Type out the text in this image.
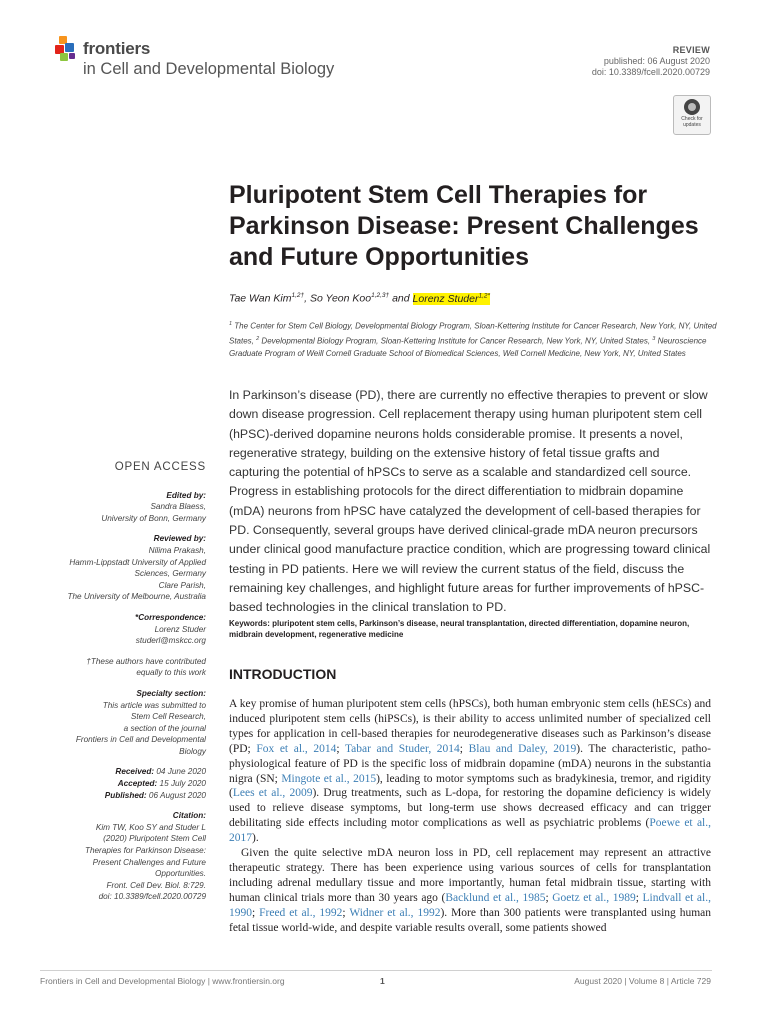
frontiers
in Cell and Developmental Biology
REVIEW
published: 06 August 2020
doi: 10.3389/fcell.2020.00729
Check for
updates
Pluripotent Stem Cell Therapies for Parkinson Disease: Present Challenges and Future Opportunities
Tae Wan Kim$^{1,2\dagger}$, So Yeon Koo$^{1,2,3\dagger}$ and Lorenz Studer$^{1,2*}$
$^1$ The Center for Stem Cell Biology, Developmental Biology Program, Sloan-Kettering Institute for Cancer Research, New York, NY, United States, $^2$ Developmental Biology Program, Sloan-Kettering Institute for Cancer Research, New York, NY, United States, $^3$ Neuroscience Graduate Program of Weill Cornell Graduate School of Biomedical Sciences, Well Cornell Medicine, New York, NY, United States
In Parkinson’s disease (PD), there are currently no effective therapies to prevent or slow down disease progression. Cell replacement therapy using human pluripotent stem cell (hPSC)-derived dopamine neurons holds considerable promise. It presents a novel, regenerative strategy, building on the extensive history of fetal tissue grafts and capturing the potential of hPSCs to serve as a scalable and standardized cell source. Progress in establishing protocols for the direct differentiation to midbrain dopamine (mDA) neurons from hPSC have catalyzed the development of cell-based therapies for PD. Consequently, several groups have derived clinical-grade mDA neuron precursors under clinical good manufacture practice condition, which are progressing toward clinical testing in PD patients. Here we will review the current status of the field, discuss the remaining key challenges, and highlight future areas for further improvements of hPSC-based technologies in the clinical translation to PD.
Keywords: pluripotent stem cells, Parkinson’s disease, neural transplantation, directed differentiation, dopamine neuron, midbrain development, regenerative medicine
OPEN ACCESS
Edited by:
Sandra Blaess,
University of Bonn, Germany
Reviewed by:
Nilima Prakash,
Hamm-Lippstadt University of Applied
Sciences, Germany
Clare Parish,
The University of Melbourne, Australia
*Correspondence:
Lorenz Studer
studerl@mskcc.org
†These authors have contributed
equally to this work
Specialty section:
This article was submitted to
Stem Cell Research,
a section of the journal
Frontiers in Cell and Developmental
Biology
Received: 04 June 2020
Accepted: 15 July 2020
Published: 06 August 2020
Citation:
Kim TW, Koo SY and Studer L
(2020) Pluripotent Stem Cell
Therapies for Parkinson Disease:
Present Challenges and Future
Opportunities.
Front. Cell Dev. Biol. 8:729.
doi: 10.3389/fcell.2020.00729
INTRODUCTION

A key promise of human pluripotent stem cells (hPSCs), both human embryonic stem cells (hESCs) and induced pluripotent stem cells (hiPSCs), is their ability to access unlimited number of specialized cell types for application in cell-based therapies for neurodegenerative diseases such as Parkinson’s disease (PD; Fox et al., 2014; Tabar and Studer, 2014; Blau and Daley, 2019). The characteristic, patho-physiological feature of PD is the specific loss of midbrain dopamine (mDA) neurons in the substantia nigra (SN; Mingote et al., 2015), leading to motor symptoms such as bradykinesia, tremor, and rigidity (Lees et al., 2009). Drug treatments, such as L-dopa, for restoring the dopamine deficiency is widely used to relieve disease symptoms, but long-term use shows decreased efficacy and can trigger debilitating side effects including motor complications as well as psychiatric problems (Poewe et al., 2017).

Given the quite selective mDA neuron loss in PD, cell replacement may represent an attractive therapeutic strategy. There has been experience using various sources of cells for transplantation including adrenal medullary tissue and more importantly, human fetal midbrain tissue, starting with human clinical trials more than 30 years ago (Backlund et al., 1985; Goetz et al., 1989; Lindvall et al., 1990; Freed et al., 1992; Widner et al., 1992). More than 300 patients were transplanted using human fetal tissue world-wide, and despite variable results overall, some patients showed

Frontiers in Cell and Developmental Biology | www.frontiersin.org	1	August 2020 | Volume 8 | Article 729
